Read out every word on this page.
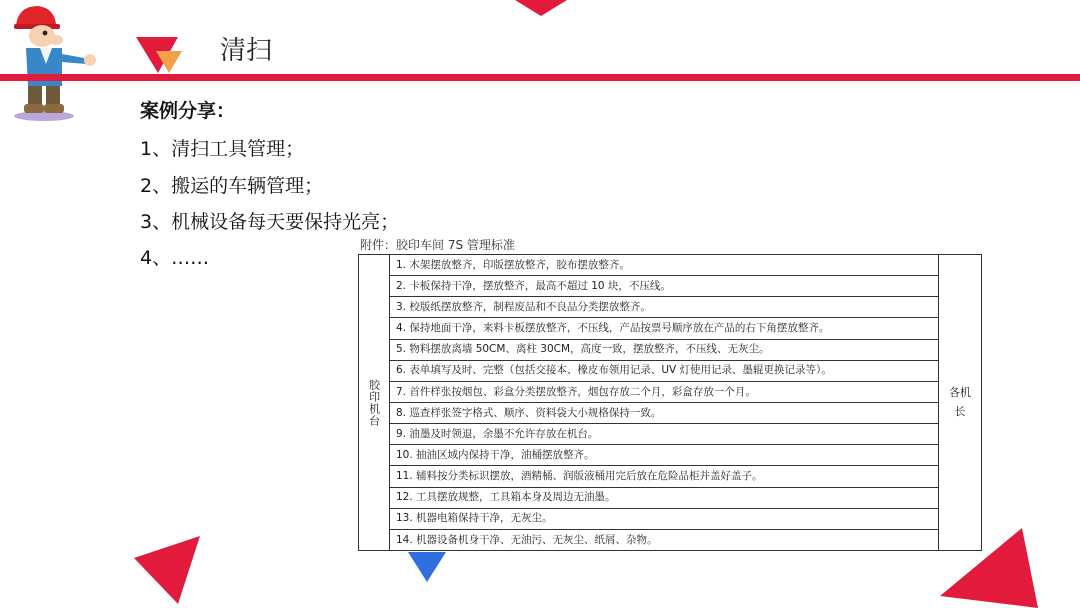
清扫
案例分享：
1、清扫工具管理；
2、搬运的车辆管理；
3、机械设备每天要保持光亮；
4、……
附件：胶印车间 7S 管理标准
胶印机台	1. 木架摆放整齐，印版摆放整齐，胶布摆放整齐。	各机
长
2. 卡板保持干净，摆放整齐，最高不超过 10 块，不压线。
3. 校版纸摆放整齐，制程废品和不良品分类摆放整齐。
4. 保持地面干净，来料卡板摆放整齐，不压线，产品按票号顺序放在产品的右下角摆放整齐。
5. 物料摆放离墙 50CM、离柱 30CM，高度一致，摆放整齐，不压线、无灰尘。
6. 表单填写及时、完整（包括交接本、橡皮布领用记录、UV 灯使用记录、墨辊更换记录等）。
7. 首件样张按烟包、彩盒分类摆放整齐，烟包存放二个月，彩盒存放一个月。
8. 巡查样张签字格式、顺序、资料袋大小规格保持一致。
9. 油墨及时领退，余墨不允许存放在机台。
10. 抽油区域内保持干净，油桶摆放整齐。
11. 辅料按分类标识摆放，酒精桶、润版液桶用完后放在危险品柜并盖好盖子。
12. 工具摆放规整，工具箱本身及周边无油墨。
13. 机器电箱保持干净，无灰尘。
14. 机器设备机身干净、无油污、无灰尘、纸屑、杂物。
